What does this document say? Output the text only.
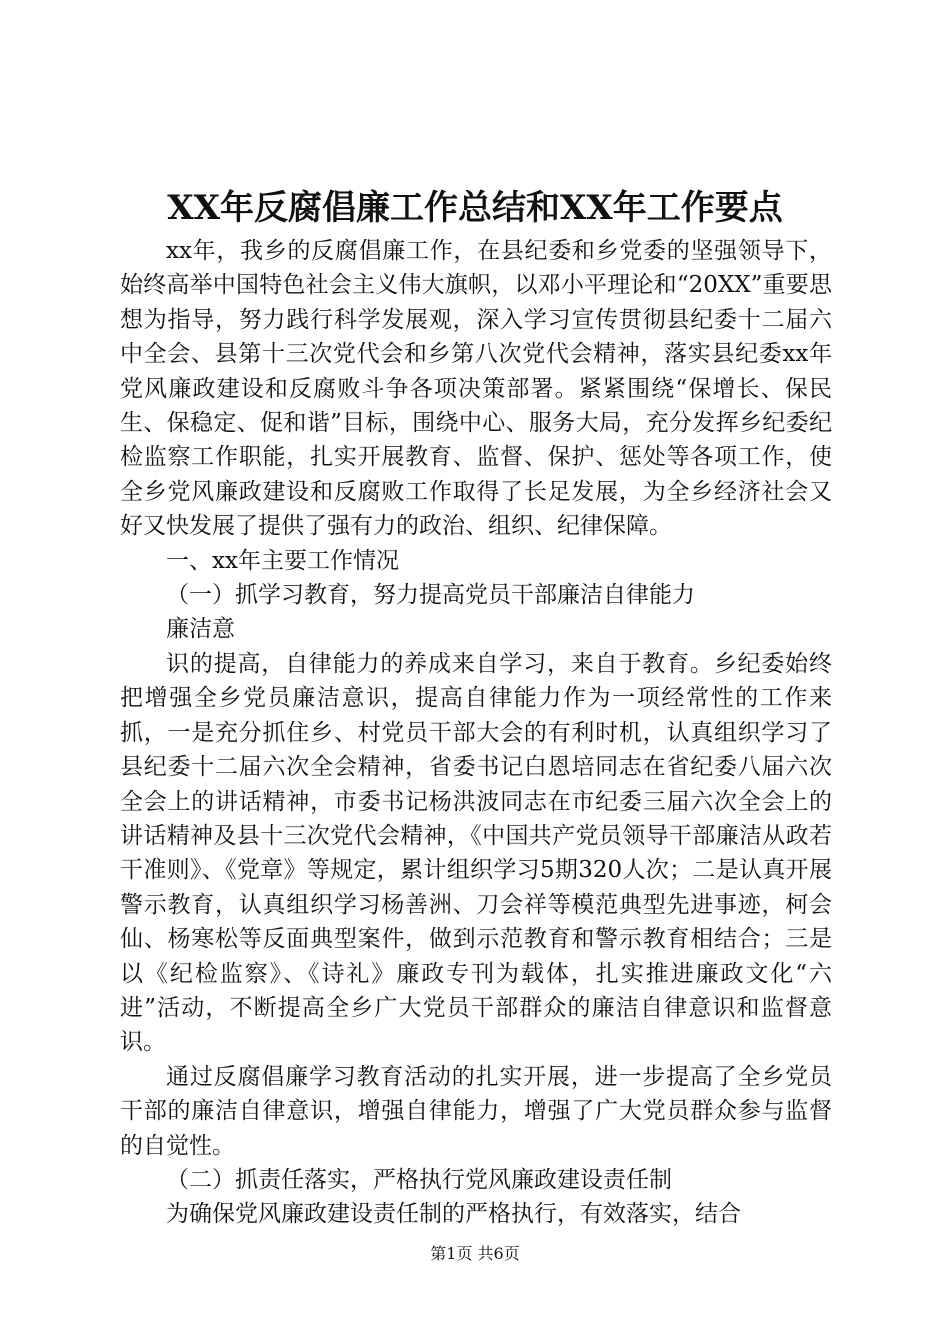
XX年反腐倡廉工作总结和XX年工作要点

xx年，我乡的反腐倡廉工作，在县纪委和乡党委的坚强领导下，始终高举中国特色社会主义伟大旗帜，以邓小平理论和“20XX”重要思想为指导，努力践行科学发展观，深入学习宣传贯彻县纪委十二届六中全会、县第十三次党代会和乡第八次党代会精神，落实县纪委xx年党风廉政建设和反腐败斗争各项决策部署。紧紧围绕“保增长、保民生、保稳定、促和谐”目标，围绕中心、服务大局，充分发挥乡纪委纪检监察工作职能，扎实开展教育、监督、保护、惩处等各项工作，使全乡党风廉政建设和反腐败工作取得了长足发展，为全乡经济社会又好又快发展了提供了强有力的政治、组织、纪律保障。

一、xx年主要工作情况

（一）抓学习教育，努力提高党员干部廉洁自律能力

廉洁意

识的提高，自律能力的养成来自学习，来自于教育。乡纪委始终把增强全乡党员廉洁意识，提高自律能力作为一项经常性的工作来抓，一是充分抓住乡、村党员干部大会的有利时机，认真组织学习了县纪委十二届六次全会精神，省委书记白恩培同志在省纪委八届六次全会上的讲话精神，市委书记杨洪波同志在市纪委三届六次全会上的讲话精神及县十三次党代会精神，《中国共产党员领导干部廉洁从政若干准则》、《党章》等规定，累计组织学习5期320人次；二是认真开展警示教育，认真组织学习杨善洲、刀会祥等模范典型先进事迹，柯会仙、杨寒松等反面典型案件，做到示范教育和警示教育相结合；三是以《纪检监察》、《诗礼》廉政专刊为载体，扎实推进廉政文化“六进”活动，不断提高全乡广大党员干部群众的廉洁自律意识和监督意识。

通过反腐倡廉学习教育活动的扎实开展，进一步提高了全乡党员干部的廉洁自律意识，增强自律能力，增强了广大党员群众参与监督的自觉性。

（二）抓责任落实，严格执行党风廉政建设责任制

为确保党风廉政建设责任制的严格执行，有效落实，结合

第1页 共6页
